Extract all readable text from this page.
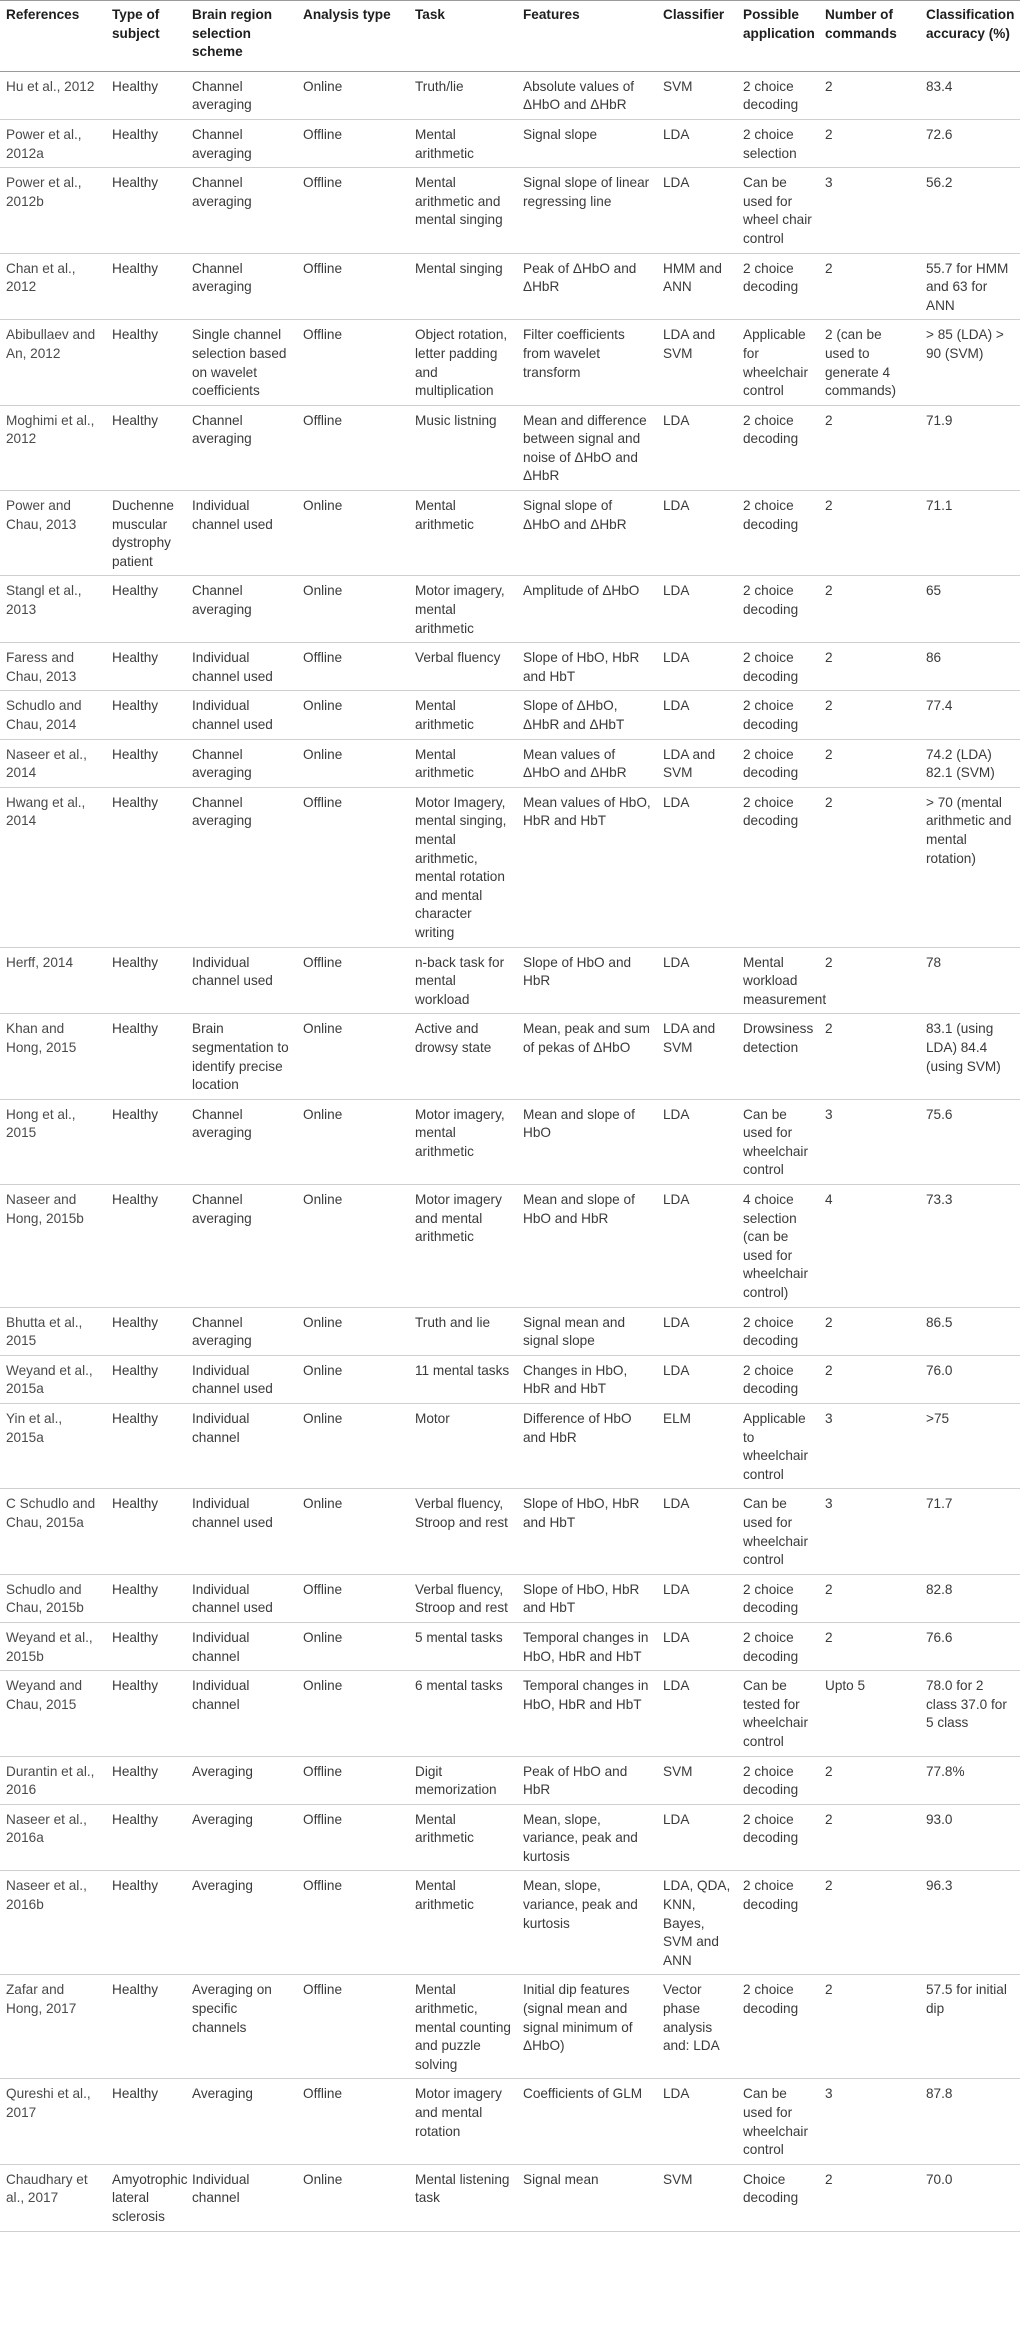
References	Type of subject	Brain region selection scheme	Analysis type	Task	Features	Classifier	Possible application	Number of commands	Classification accuracy (%)
Hu et al., 2012	Healthy	Channel averaging	Online	Truth/lie	Absolute values of ΔHbO and ΔHbR	SVM	2 choice decoding	2	83.4
Power et al., 2012a	Healthy	Channel averaging	Offline	Mental arithmetic	Signal slope	LDA	2 choice selection	2	72.6
Power et al., 2012b	Healthy	Channel averaging	Offline	Mental arithmetic and mental singing	Signal slope of linear regressing line	LDA	Can be used for wheel chair control	3	56.2
Chan et al., 2012	Healthy	Channel averaging	Offline	Mental singing	Peak of ΔHbO and ΔHbR	HMM and ANN	2 choice decoding	2	55.7 for HMM and 63 for ANN
Abibullaev and An, 2012	Healthy	Single channel selection based on wavelet coefficients	Offline	Object rotation, letter padding and multiplication	Filter coefficients from wavelet transform	LDA and SVM	Applicable for wheelchair control	2 (can be used to generate 4 commands)	> 85 (LDA) > 90 (SVM)
Moghimi et al., 2012	Healthy	Channel averaging	Offline	Music listning	Mean and difference between signal and noise of ΔHbO and ΔHbR	LDA	2 choice decoding	2	71.9
Power and Chau, 2013	Duchenne muscular dystrophy patient	Individual channel used	Online	Mental arithmetic	Signal slope of ΔHbO and ΔHbR	LDA	2 choice decoding	2	71.1
Stangl et al., 2013	Healthy	Channel averaging	Online	Motor imagery, mental arithmetic	Amplitude of ΔHbO	LDA	2 choice decoding	2	65
Faress and Chau, 2013	Healthy	Individual channel used	Offline	Verbal fluency	Slope of HbO, HbR and HbT	LDA	2 choice decoding	2	86
Schudlo and Chau, 2014	Healthy	Individual channel used	Online	Mental arithmetic	Slope of ΔHbO, ΔHbR and ΔHbT	LDA	2 choice decoding	2	77.4
Naseer et al., 2014	Healthy	Channel averaging	Online	Mental arithmetic	Mean values of ΔHbO and ΔHbR	LDA and SVM	2 choice decoding	2	74.2 (LDA) 82.1 (SVM)
Hwang et al., 2014	Healthy	Channel averaging	Offline	Motor Imagery, mental singing, mental arithmetic, mental rotation and mental character writing	Mean values of HbO, HbR and HbT	LDA	2 choice decoding	2	> 70 (mental arithmetic and mental rotation)
Herff, 2014	Healthy	Individual channel used	Offline	n-back task for mental workload	Slope of HbO and HbR	LDA	Mental workload measurement	2	78
Khan and Hong, 2015	Healthy	Brain segmentation to identify precise location	Online	Active and drowsy state	Mean, peak and sum of pekas of ΔHbO	LDA and SVM	Drowsiness detection	2	83.1 (using LDA) 84.4 (using SVM)
Hong et al., 2015	Healthy	Channel averaging	Online	Motor imagery, mental arithmetic	Mean and slope of HbO	LDA	Can be used for wheelchair control	3	75.6
Naseer and Hong, 2015b	Healthy	Channel averaging	Online	Motor imagery and mental arithmetic	Mean and slope of HbO and HbR	LDA	4 choice selection (can be used for wheelchair control)	4	73.3
Bhutta et al., 2015	Healthy	Channel averaging	Online	Truth and lie	Signal mean and signal slope	LDA	2 choice decoding	2	86.5
Weyand et al., 2015a	Healthy	Individual channel used	Online	11 mental tasks	Changes in HbO, HbR and HbT	LDA	2 choice decoding	2	76.0
Yin et al., 2015a	Healthy	Individual channel	Online	Motor	Difference of HbO and HbR	ELM	Applicable to wheelchair control	3	>75
C Schudlo and Chau, 2015a	Healthy	Individual channel used	Online	Verbal fluency, Stroop and rest	Slope of HbO, HbR and HbT	LDA	Can be used for wheelchair control	3	71.7
Schudlo and Chau, 2015b	Healthy	Individual channel used	Offline	Verbal fluency, Stroop and rest	Slope of HbO, HbR and HbT	LDA	2 choice decoding	2	82.8
Weyand et al., 2015b	Healthy	Individual channel	Online	5 mental tasks	Temporal changes in HbO, HbR and HbT	LDA	2 choice decoding	2	76.6
Weyand and Chau, 2015	Healthy	Individual channel	Online	6 mental tasks	Temporal changes in HbO, HbR and HbT	LDA	Can be tested for wheelchair control	Upto 5	78.0 for 2 class 37.0 for 5 class
Durantin et al., 2016	Healthy	Averaging	Offline	Digit memorization	Peak of HbO and HbR	SVM	2 choice decoding	2	77.8%
Naseer et al., 2016a	Healthy	Averaging	Offline	Mental arithmetic	Mean, slope, variance, peak and kurtosis	LDA	2 choice decoding	2	93.0
Naseer et al., 2016b	Healthy	Averaging	Offline	Mental arithmetic	Mean, slope, variance, peak and kurtosis	LDA, QDA, KNN, Bayes, SVM and ANN	2 choice decoding	2	96.3
Zafar and Hong, 2017	Healthy	Averaging on specific channels	Offline	Mental arithmetic, mental counting and puzzle solving	Initial dip features (signal mean and signal minimum of ΔHbO)	Vector phase analysis and: LDA	2 choice decoding	2	57.5 for initial dip
Qureshi et al., 2017	Healthy	Averaging	Offline	Motor imagery and mental rotation	Coefficients of GLM	LDA	Can be used for wheelchair control	3	87.8
Chaudhary et al., 2017	Amyotrophic lateral sclerosis	Individual channel	Online	Mental listening task	Signal mean	SVM	Choice decoding	2	70.0
